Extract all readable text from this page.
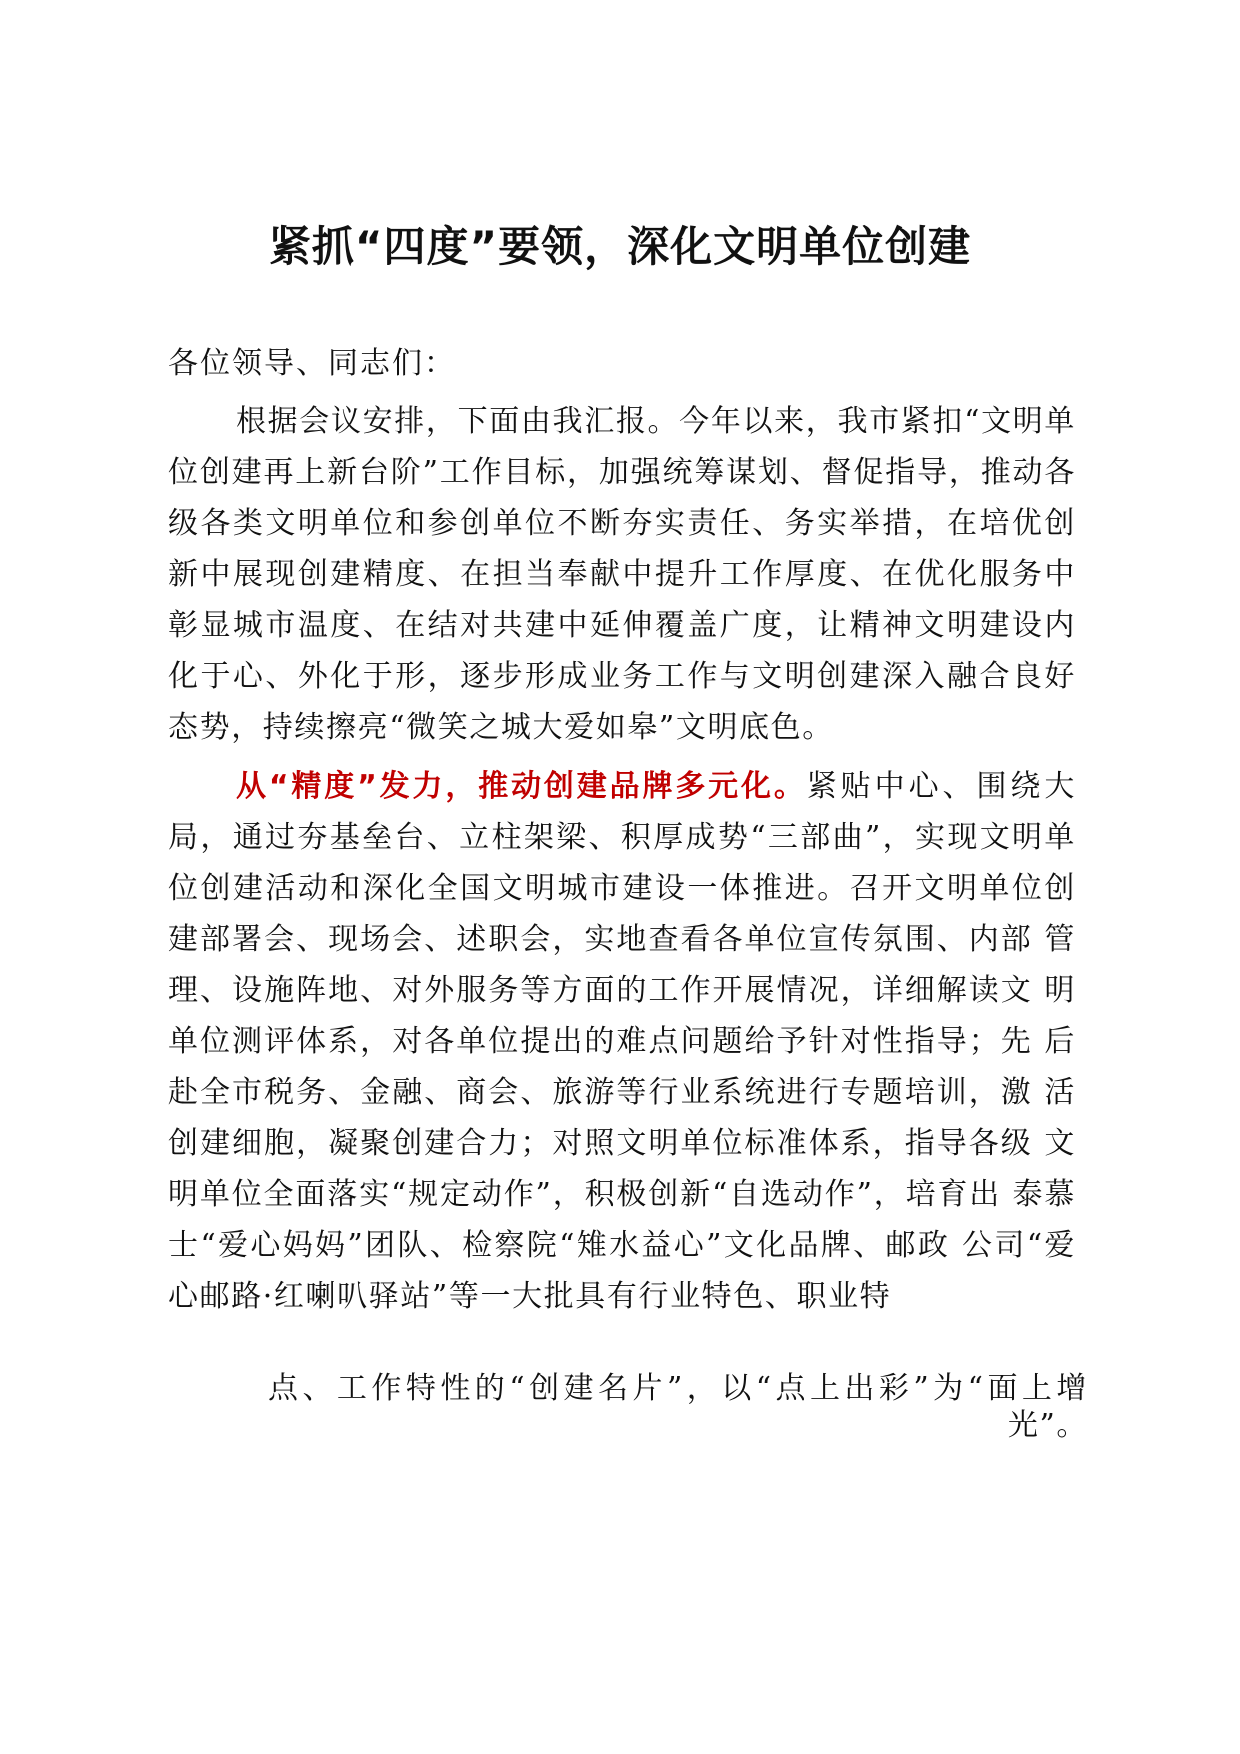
紧抓“四度”要领，深化文明单位创建
各位领导、同志们：

根据会议安排，下面由我汇报。今年以来，我市紧扣“文明单位创建再上新台阶”工作目标，加强统筹谋划、督促指导，推动各级各类文明单位和参创单位不断夯实责任、务实举措，在培优创新中展现创建精度、在担当奉献中提升工作厚度、在优化服务中彰显城市温度、在结对共建中延伸覆盖广度，让精神文明建设内化于心、外化于形，逐步形成业务工作与文明创建深入融合良好态势，持续擦亮“微笑之城大爱如皋”文明底色。

从“精度”发力，推动创建品牌多元化。紧贴中心、围绕大局，通过夯基垒台、立柱架梁、积厚成势“三部曲”，实现文明单位创建活动和深化全国文明城市建设一体推进。召开文明单位创建部署会、现场会、述职会，实地查看各单位宣传氛围、内部 管理、设施阵地、对外服务等方面的工作开展情况，详细解读文 明单位测评体系，对各单位提出的难点问题给予针对性指导；先 后赴全市税务、金融、商会、旅游等行业系统进行专题培训，激 活创建细胞，凝聚创建合力；对照文明单位标准体系，指导各级 文明单位全面落实“规定动作”，积极创新“自选动作”，培育出 泰慕士“爱心妈妈”团队、检察院“雉水益心”文化品牌、邮政 公司“爱心邮路·红喇叭驿站”等一大批具有行业特色、职业特

点、工作特性的“创建名片”，以“点上出彩”为“面上增光”。
